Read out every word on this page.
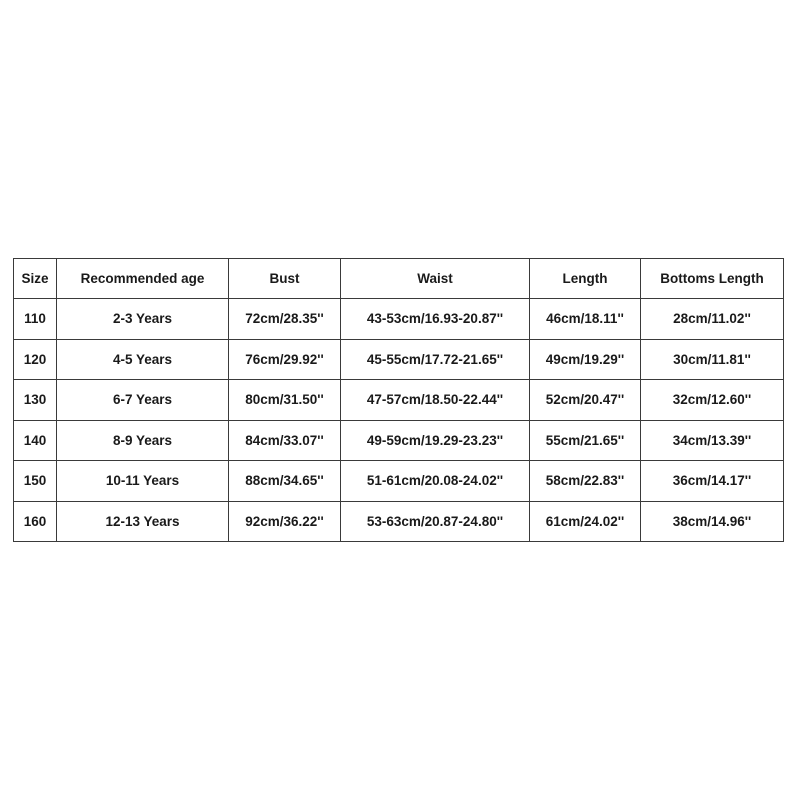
Size	Recommended age	Bust	Waist	Length	Bottoms Length
110	2-3 Years	72cm/28.35''	43-53cm/16.93-20.87''	46cm/18.11''	28cm/11.02''
120	4-5 Years	76cm/29.92''	45-55cm/17.72-21.65''	49cm/19.29''	30cm/11.81''
130	6-7 Years	80cm/31.50''	47-57cm/18.50-22.44''	52cm/20.47''	32cm/12.60''
140	8-9 Years	84cm/33.07''	49-59cm/19.29-23.23''	55cm/21.65''	34cm/13.39''
150	10-11 Years	88cm/34.65''	51-61cm/20.08-24.02''	58cm/22.83''	36cm/14.17''
160	12-13 Years	92cm/36.22''	53-63cm/20.87-24.80''	61cm/24.02''	38cm/14.96''
